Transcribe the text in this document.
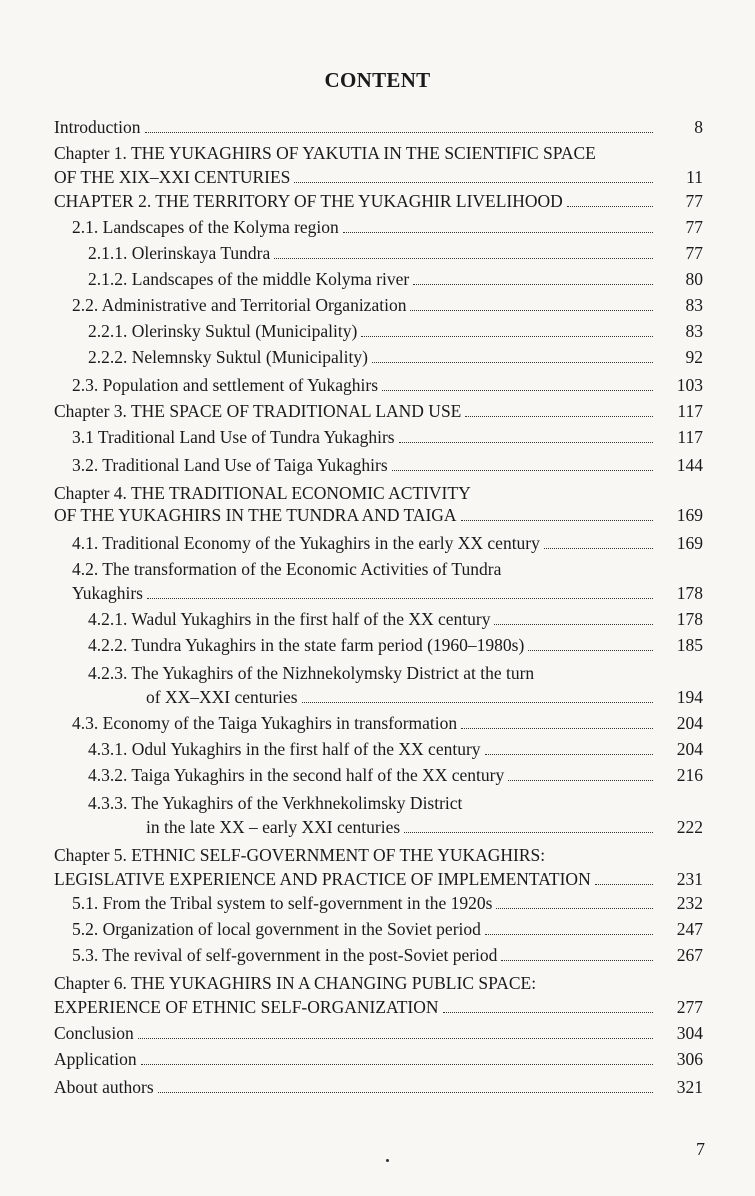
CONTENT
Introduction	8
Chapter 1. THE YUKAGHIRS OF YAKUTIA IN THE SCIENTIFIC SPACE
OF THE XIX–XXI CENTURIES	11
CHAPTER 2. THE TERRITORY OF THE YUKAGHIR LIVELIHOOD	77
2.1. Landscapes of the Kolyma region	77
2.1.1. Olerinskaya Tundra	77
2.1.2. Landscapes of the middle Kolyma river	80
2.2. Administrative and Territorial Organization	83
2.2.1. Olerinsky Suktul (Municipality)	83
2.2.2. Nelemnsky Suktul (Municipality)	92
2.3. Population and settlement of Yukaghirs	103
Chapter 3. THE SPACE OF TRADITIONAL LAND USE	117
3.1 Traditional Land Use of Tundra Yukaghirs	117
3.2. Traditional Land Use of Taiga Yukaghirs	144
Chapter 4. THE TRADITIONAL ECONOMIC ACTIVITY
OF THE YUKAGHIRS IN THE TUNDRA AND TAIGA	169
4.1. Traditional Economy of the Yukaghirs in the early XX century	169
4.2. The transformation of the Economic Activities of Tundra
Yukaghirs	178
4.2.1. Wadul Yukaghirs in the first half of the XX century	178
4.2.2. Tundra Yukaghirs in the state farm period (1960–1980s)	185
4.2.3. The Yukaghirs of the Nizhnekolymsky District at the turn
of XX–XXI centuries	194
4.3. Economy of the Taiga Yukaghirs in transformation	204
4.3.1. Odul Yukaghirs in the first half of the XX century	204
4.3.2. Taiga Yukaghirs in the second half of the XX century	216
4.3.3. The Yukaghirs of the Verkhnekolimsky District
in the late XX – early XXI centuries	222
Chapter 5. ETHNIC SELF-GOVERNMENT OF THE YUKAGHIRS:
LEGISLATIVE EXPERIENCE AND PRACTICE OF IMPLEMENTATION	231
5.1. From the Tribal system to self-government in the 1920s	232
5.2. Organization of local government in the Soviet period	247
5.3. The revival of self-government in the post-Soviet period	267
Chapter 6. THE YUKAGHIRS IN A CHANGING PUBLIC SPACE:
EXPERIENCE OF ETHNIC SELF-ORGANIZATION	277
Conclusion	304
Application	306
About authors	321
7
